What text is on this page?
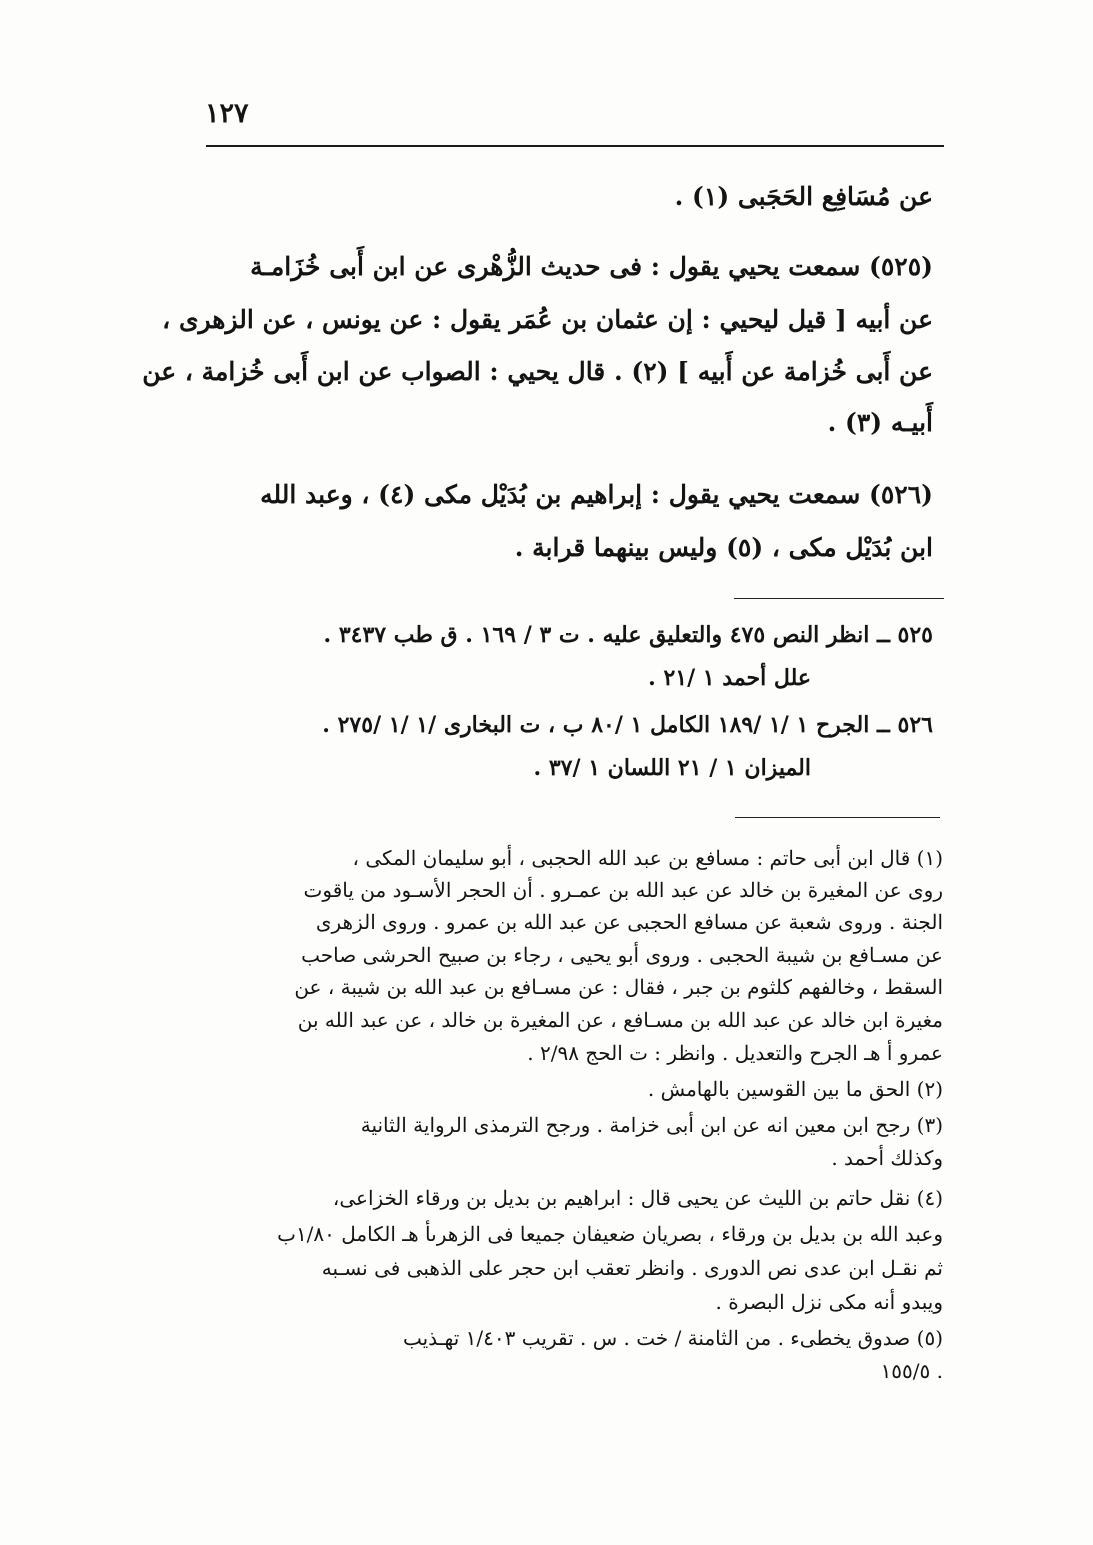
١٢٧
عن مُسَافِع الحَجَبى (١) .
(٥٢٥) سمعت يحيي يقول : فى حديث الزُّهْرى عن ابن أَبى خُزَامـة
عن أبيه [ قيل ليحيي : إن عثمان بن عُمَر يقول : عن يونس ، عن الزهرى ،
عن أَبى خُزامة عن أَبيه ] (٢) . قال يحيي : الصواب عن ابن أَبى خُزامة ، عن
أَبيـه (٣) .
(٥٢٦) سمعت يحيي يقول : إبراهيم بن بُدَيْل مكى (٤) ، وعبد الله
ابن بُدَيْل مكى ، (٥) وليس بينهما قرابة .
٥٢٥ ــ انظر النص ٤٧٥ والتعليق عليه . ت ٣ / ١٦٩ . ق طب ٣٤٣٧ .
علل أحمد ١ /٢١ .
٥٢٦ ــ الجرح ١ /١ /١٨٩ الكامل ١ /٨٠ ب ، ت البخارى /١ /١ /٢٧٥ .
الميزان ١ / ٢١ اللسان ١ /٣٧ .
(١) قال ابن أبى حاتم : مسافع بن عبد الله الحجبى ، أبو سليمان المكى ،
روى عن المغيرة بن خالد عن عبد الله بن عمـرو . أن الحجر الأسـود من ياقوت
الجنة . وروى شعبة عن مسافع الحجبى عن عبد الله بن عمرو . وروى الزهرى
عن مسـافع بن شيبة الحجبى . وروى أبو يحيى ، رجاء بن صبيح الحرشى صاحب
السقط ، وخالفهم كلثوم بن جبر ، فقال : عن مسـافع بن عبد الله بن شيبة ، عن
مغيرة ابن خالد عن عبد الله بن مسـافع ، عن المغيرة بن خالد ، عن عبد الله بن
عمرو أ هـ الجرح والتعديل . وانظر : ت الحج ٢/٩٨ .
(٢) الحق ما بين القوسين بالهامش .
(٣) رجح ابن معين انه عن ابن أبى خزامة . ورجح الترمذى الرواية الثانية
وكذلك أحمد .
(٤) نقل حاتم بن الليث عن يحيى قال : ابراهيم بن بديل بن ورقاء الخزاعى،
وعبد الله بن بديل بن ورقاء ، بصريان ضعيفان جميعا فى الزهرىأ هـ الكامل ١/٨٠ب
ثم نقـل ابن عدى نص الدورى . وانظر تعقب ابن حجر على الذهبى فى نسـبه
ويبدو أنه مكى نزل البصرة .
(٥) صدوق يخطىء . من الثامنة / خت . س . تقريب ١/٤٠٣ تهـذيب
١٥٥/٥ .
